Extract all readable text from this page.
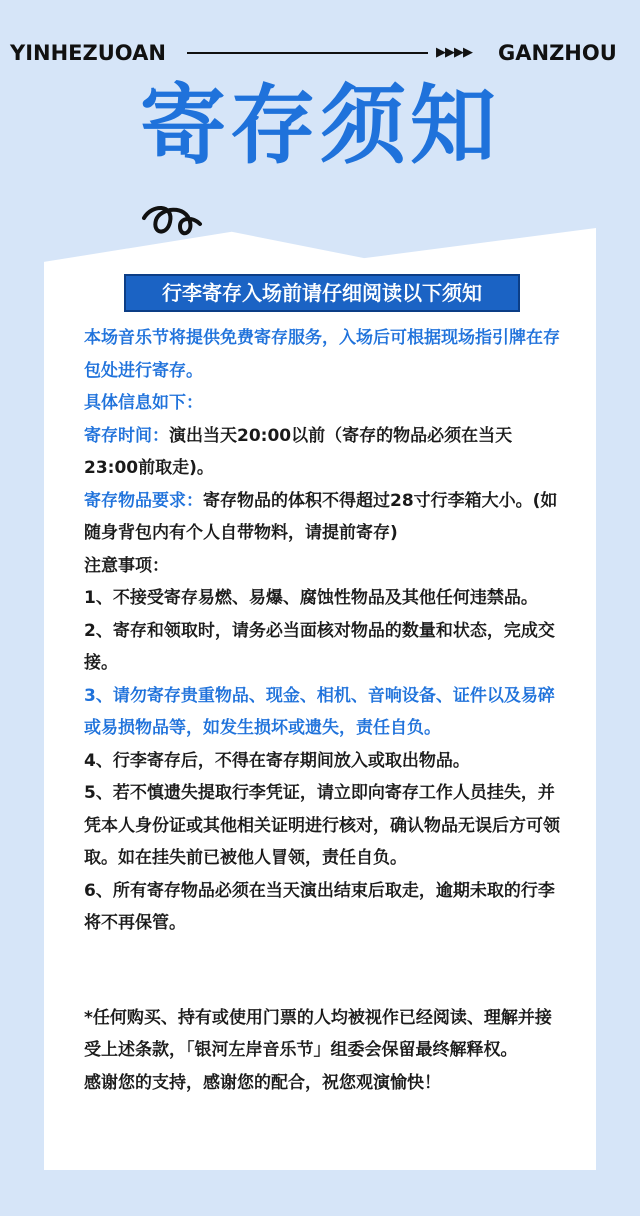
YINHEZUOAN	▶▶▶▶ GANZHOU
寄存须知
行李寄存入场前请仔细阅读以下须知

本场音乐节将提供免费寄存服务，入场后可根据现场指引牌在存包处进行寄存。

具体信息如下：

寄存时间：演出当天20:00以前（寄存的物品必须在当天23:00前取走)。

寄存物品要求：寄存物品的体积不得超过28寸行李箱大小。(如随身背包内有个人自带物料，请提前寄存)

注意事项：

1、不接受寄存易燃、易爆、腐蚀性物品及其他任何违禁品。

2、寄存和领取时，请务必当面核对物品的数量和状态，完成交接。

3、请勿寄存贵重物品、现金、相机、音响设备、证件以及易碎或易损物品等，如发生损坏或遗失，责任自负。

4、行李寄存后，不得在寄存期间放入或取出物品。

5、若不慎遗失提取行李凭证，请立即向寄存工作人员挂失，并凭本人身份证或其他相关证明进行核对，确认物品无误后方可领取。如在挂失前已被他人冒领，责任自负。

6、所有寄存物品必须在当天演出结束后取走，逾期未取的行李将不再保管。

*任何购买、持有或使用门票的人均被视作已经阅读、理解并接受上述条款，「银河左岸音乐节」组委会保留最终解释权。

感谢您的支持，感谢您的配合，祝您观演愉快！
